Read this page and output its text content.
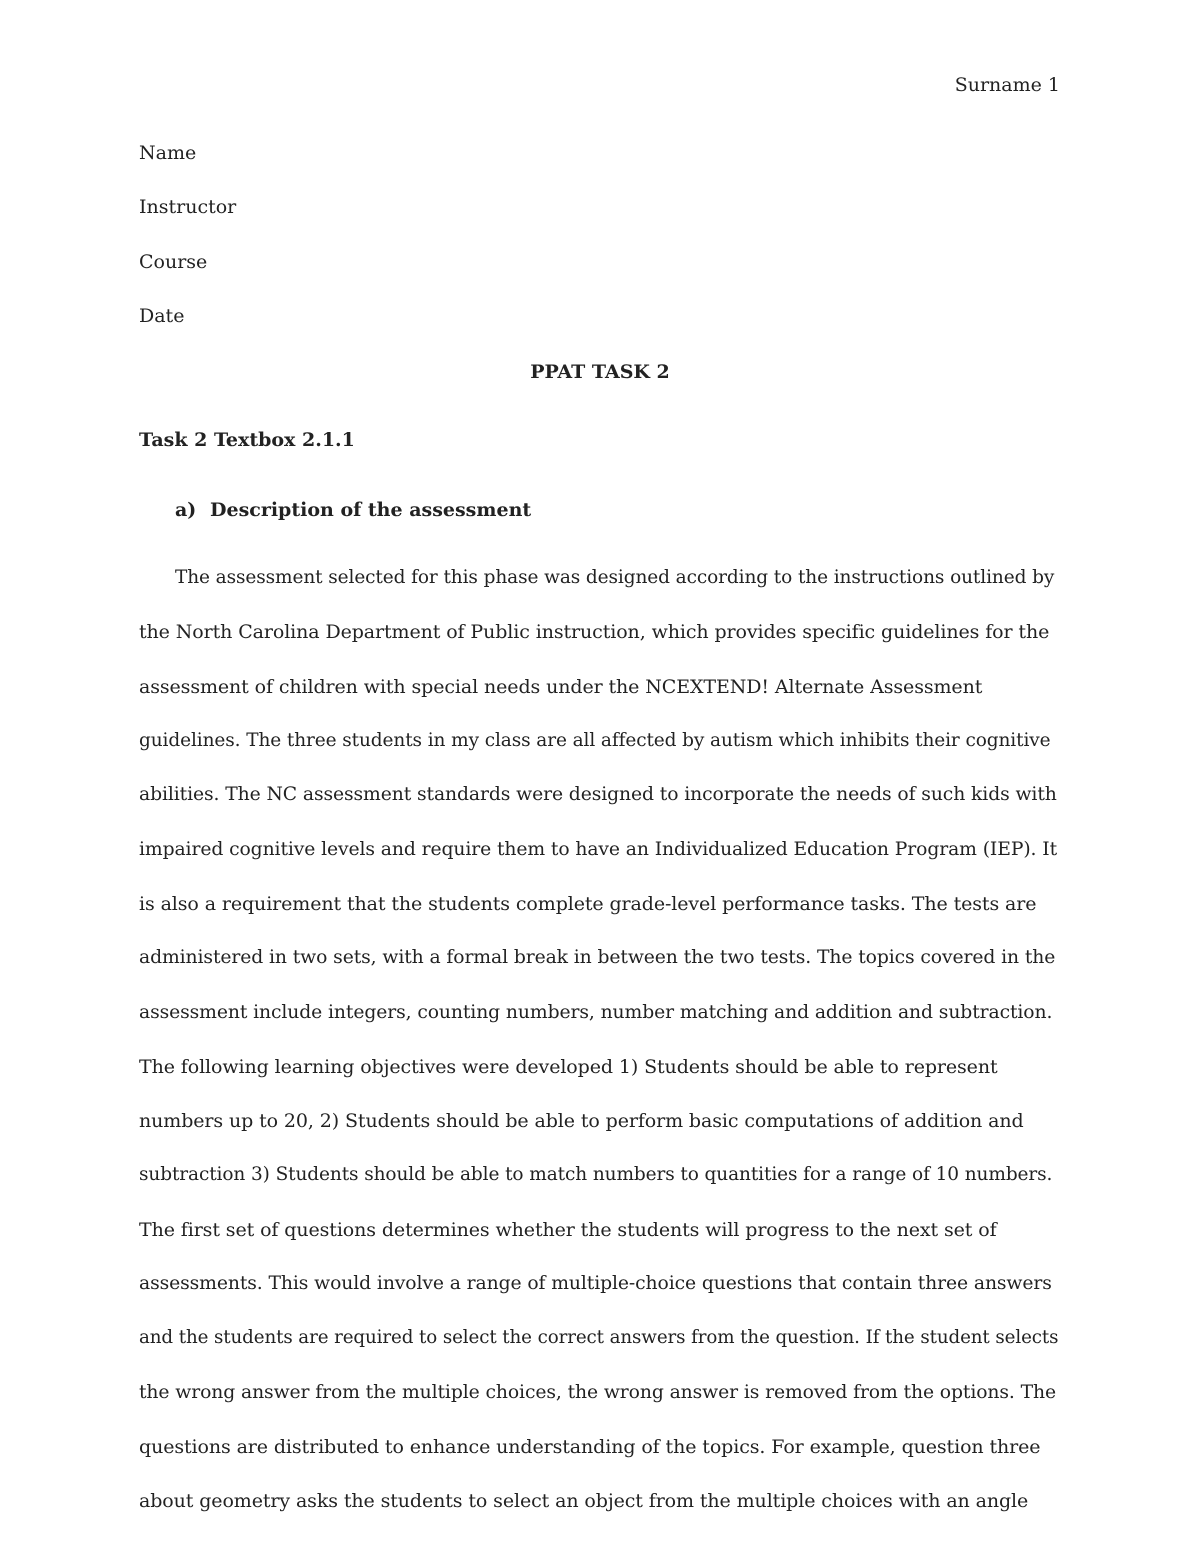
Surname 1
Name
Instructor
Course
Date
PPAT TASK 2
Task 2 Textbox 2.1.1
a) Description of the assessment
The assessment selected for this phase was designed according to the instructions outlined by
the North Carolina Department of Public instruction, which provides specific guidelines for the
assessment of children with special needs under the NCEXTEND! Alternate Assessment
guidelines. The three students in my class are all affected by autism which inhibits their cognitive
abilities. The NC assessment standards were designed to incorporate the needs of such kids with
impaired cognitive levels and require them to have an Individualized Education Program (IEP). It
is also a requirement that the students complete grade-level performance tasks. The tests are
administered in two sets, with a formal break in between the two tests. The topics covered in the
assessment include integers, counting numbers, number matching and addition and subtraction.
The following learning objectives were developed 1) Students should be able to represent
numbers up to 20, 2) Students should be able to perform basic computations of addition and
subtraction 3) Students should be able to match numbers to quantities for a range of 10 numbers.
The first set of questions determines whether the students will progress to the next set of
assessments. This would involve a range of multiple-choice questions that contain three answers
and the students are required to select the correct answers from the question. If the student selects
the wrong answer from the multiple choices, the wrong answer is removed from the options. The
questions are distributed to enhance understanding of the topics. For example, question three
about geometry asks the students to select an object from the multiple choices with an angle
